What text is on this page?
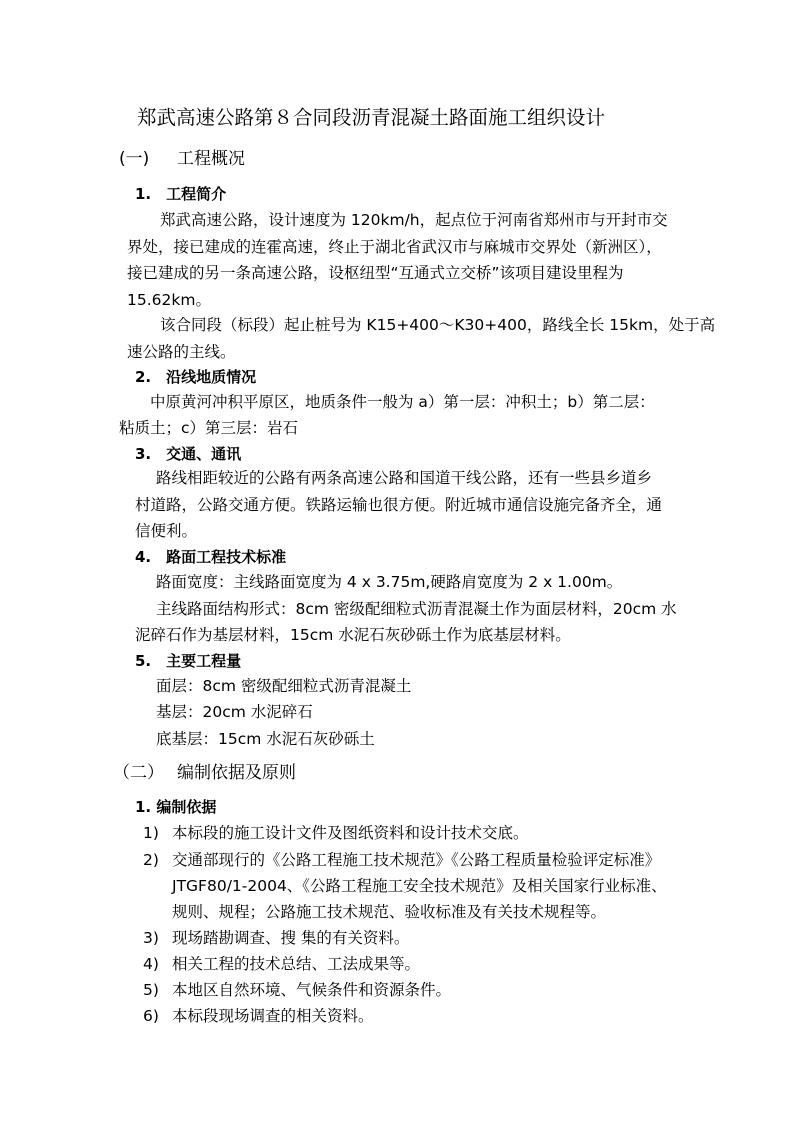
郑武高速公路第８合同段沥青混凝土路面施工组织设计
(一) 工程概况
1.　工程简介
郑武高速公路，设计速度为 120km/h，起点位于河南省郑州市与开封市交
界处，接已建成的连霍高速，终止于湖北省武汉市与麻城市交界处（新洲区），
接已建成的另一条高速公路，设枢纽型“互通式立交桥”该项目建设里程为
15.62km。
该合同段（标段）起止桩号为 K15+400～K30+400，路线全长 15km，处于高
速公路的主线。
2.　沿线地质情况
中原黄河冲积平原区，地质条件一般为 a）第一层：冲积土；b）第二层：
粘质土；c）第三层：岩石
3.　交通、通讯
路线相距较近的公路有两条高速公路和国道干线公路，还有一些县乡道乡
村道路，公路交通方便。铁路运输也很方便。附近城市通信设施完备齐全，通
信便利。
4.　路面工程技术标准
路面宽度：主线路面宽度为 4 x 3.75m,硬路肩宽度为 2 x 1.00m。
主线路面结构形式：8cm 密级配细粒式沥青混凝土作为面层材料，20cm 水
泥碎石作为基层材料，15cm 水泥石灰砂砾土作为底基层材料。
5.　主要工程量
面层：8cm 密级配细粒式沥青混凝土
基层：20cm 水泥碎石
底基层：15cm 水泥石灰砂砾土
（二） 编制依据及原则
1. 编制依据
1) 本标段的施工设计文件及图纸资料和设计技术交底。
2) 交通部现行的《公路工程施工技术规范》《公路工程质量检验评定标准》
JTGF80/1-2004、《公路工程施工安全技术规范》及相关国家行业标准、
规则、规程；公路施工技术规范、验收标准及有关技术规程等。
3) 现场踏勘调查、搜 集的有关资料。
4) 相关工程的技术总结、工法成果等。
5) 本地区自然环境、气候条件和资源条件。
6) 本标段现场调查的相关资料。
